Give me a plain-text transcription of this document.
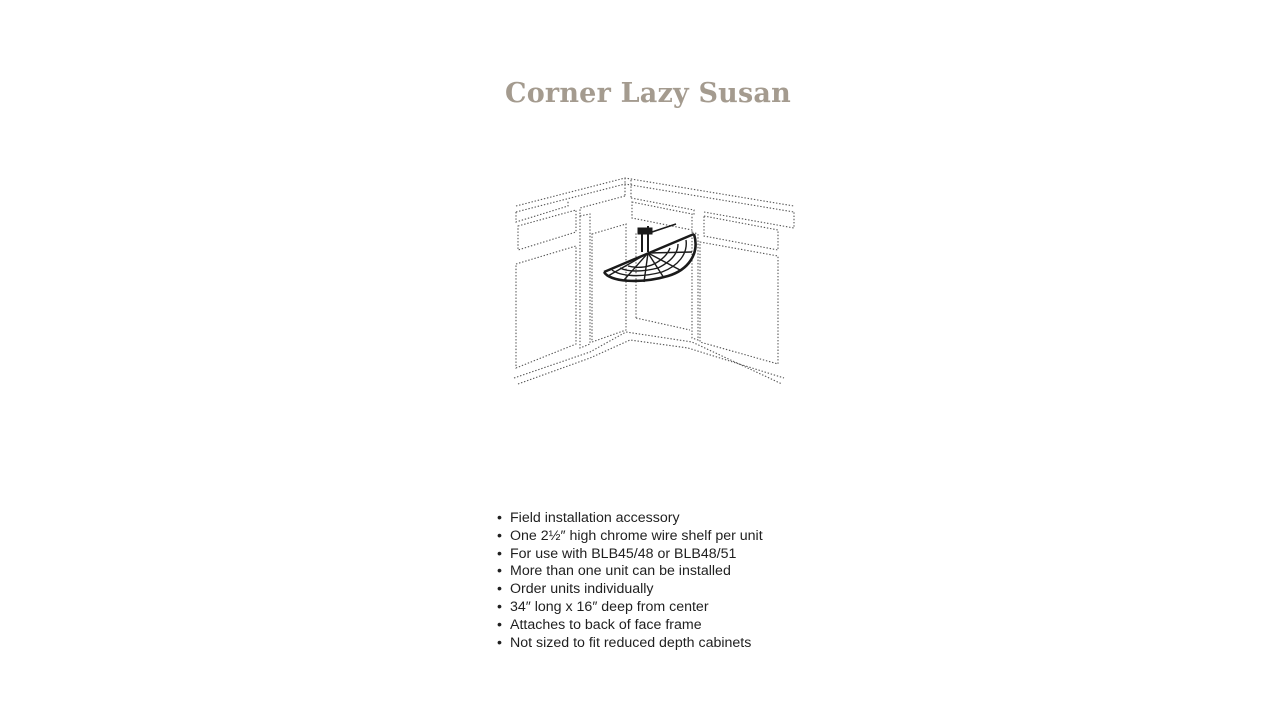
Corner Lazy Susan
• Field installation accessory
• One 2½″ high chrome wire shelf per unit
• For use with BLB45/48 or BLB48/51
• More than one unit can be installed
• Order units individually
• 34″ long x 16″ deep from center
• Attaches to back of face frame
• Not sized to fit reduced depth cabinets
